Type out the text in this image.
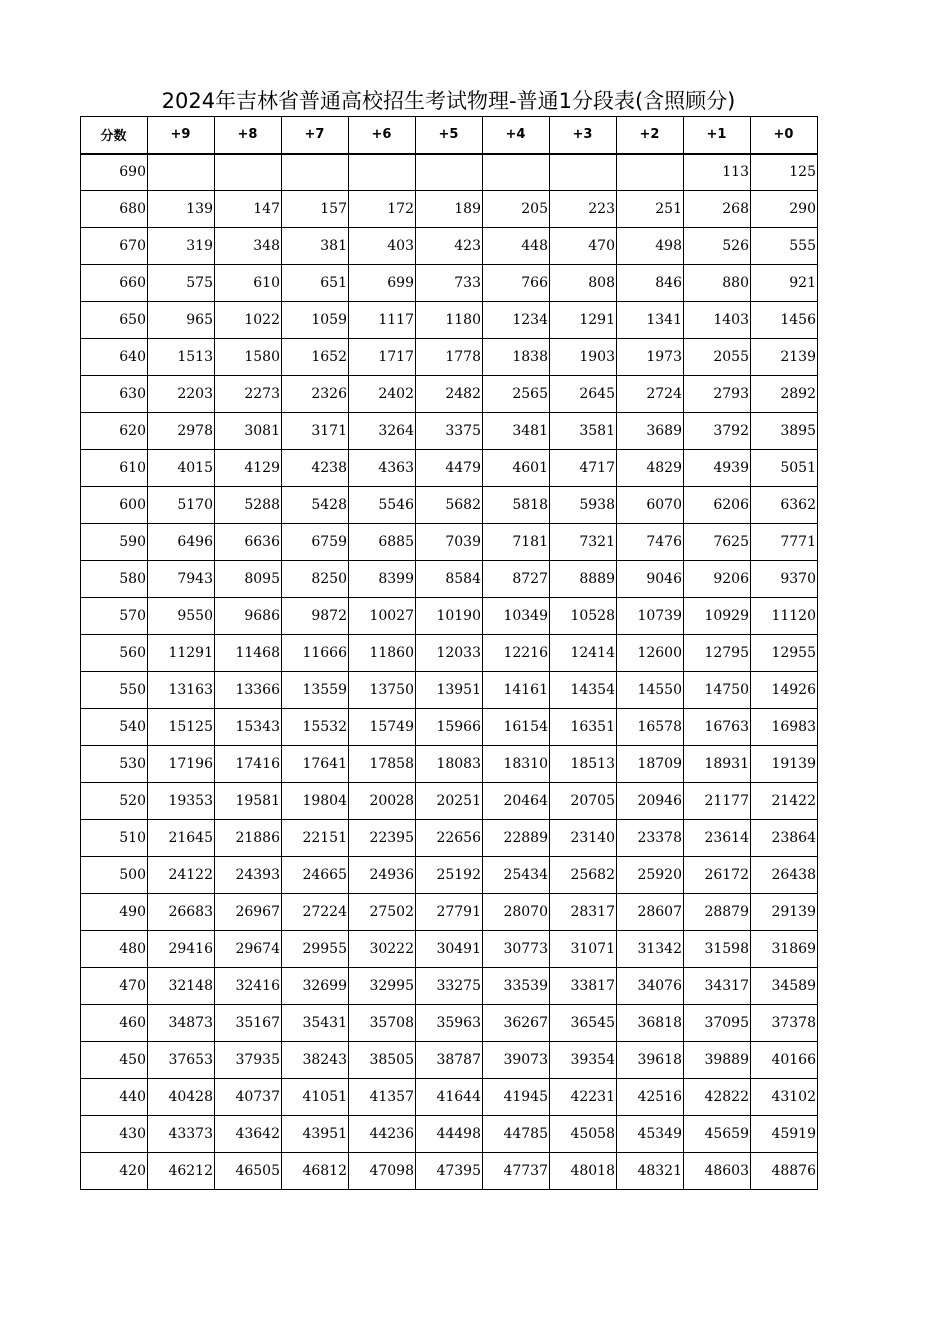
2024年吉林省普通高校招生考试物理-普通1分段表(含照顾分)
分数	+9	+8	+7	+6	+5	+4	+3	+2	+1	+0
690									113	125
680	139	147	157	172	189	205	223	251	268	290
670	319	348	381	403	423	448	470	498	526	555
660	575	610	651	699	733	766	808	846	880	921
650	965	1022	1059	1117	1180	1234	1291	1341	1403	1456
640	1513	1580	1652	1717	1778	1838	1903	1973	2055	2139
630	2203	2273	2326	2402	2482	2565	2645	2724	2793	2892
620	2978	3081	3171	3264	3375	3481	3581	3689	3792	3895
610	4015	4129	4238	4363	4479	4601	4717	4829	4939	5051
600	5170	5288	5428	5546	5682	5818	5938	6070	6206	6362
590	6496	6636	6759	6885	7039	7181	7321	7476	7625	7771
580	7943	8095	8250	8399	8584	8727	8889	9046	9206	9370
570	9550	9686	9872	10027	10190	10349	10528	10739	10929	11120
560	11291	11468	11666	11860	12033	12216	12414	12600	12795	12955
550	13163	13366	13559	13750	13951	14161	14354	14550	14750	14926
540	15125	15343	15532	15749	15966	16154	16351	16578	16763	16983
530	17196	17416	17641	17858	18083	18310	18513	18709	18931	19139
520	19353	19581	19804	20028	20251	20464	20705	20946	21177	21422
510	21645	21886	22151	22395	22656	22889	23140	23378	23614	23864
500	24122	24393	24665	24936	25192	25434	25682	25920	26172	26438
490	26683	26967	27224	27502	27791	28070	28317	28607	28879	29139
480	29416	29674	29955	30222	30491	30773	31071	31342	31598	31869
470	32148	32416	32699	32995	33275	33539	33817	34076	34317	34589
460	34873	35167	35431	35708	35963	36267	36545	36818	37095	37378
450	37653	37935	38243	38505	38787	39073	39354	39618	39889	40166
440	40428	40737	41051	41357	41644	41945	42231	42516	42822	43102
430	43373	43642	43951	44236	44498	44785	45058	45349	45659	45919
420	46212	46505	46812	47098	47395	47737	48018	48321	48603	48876
